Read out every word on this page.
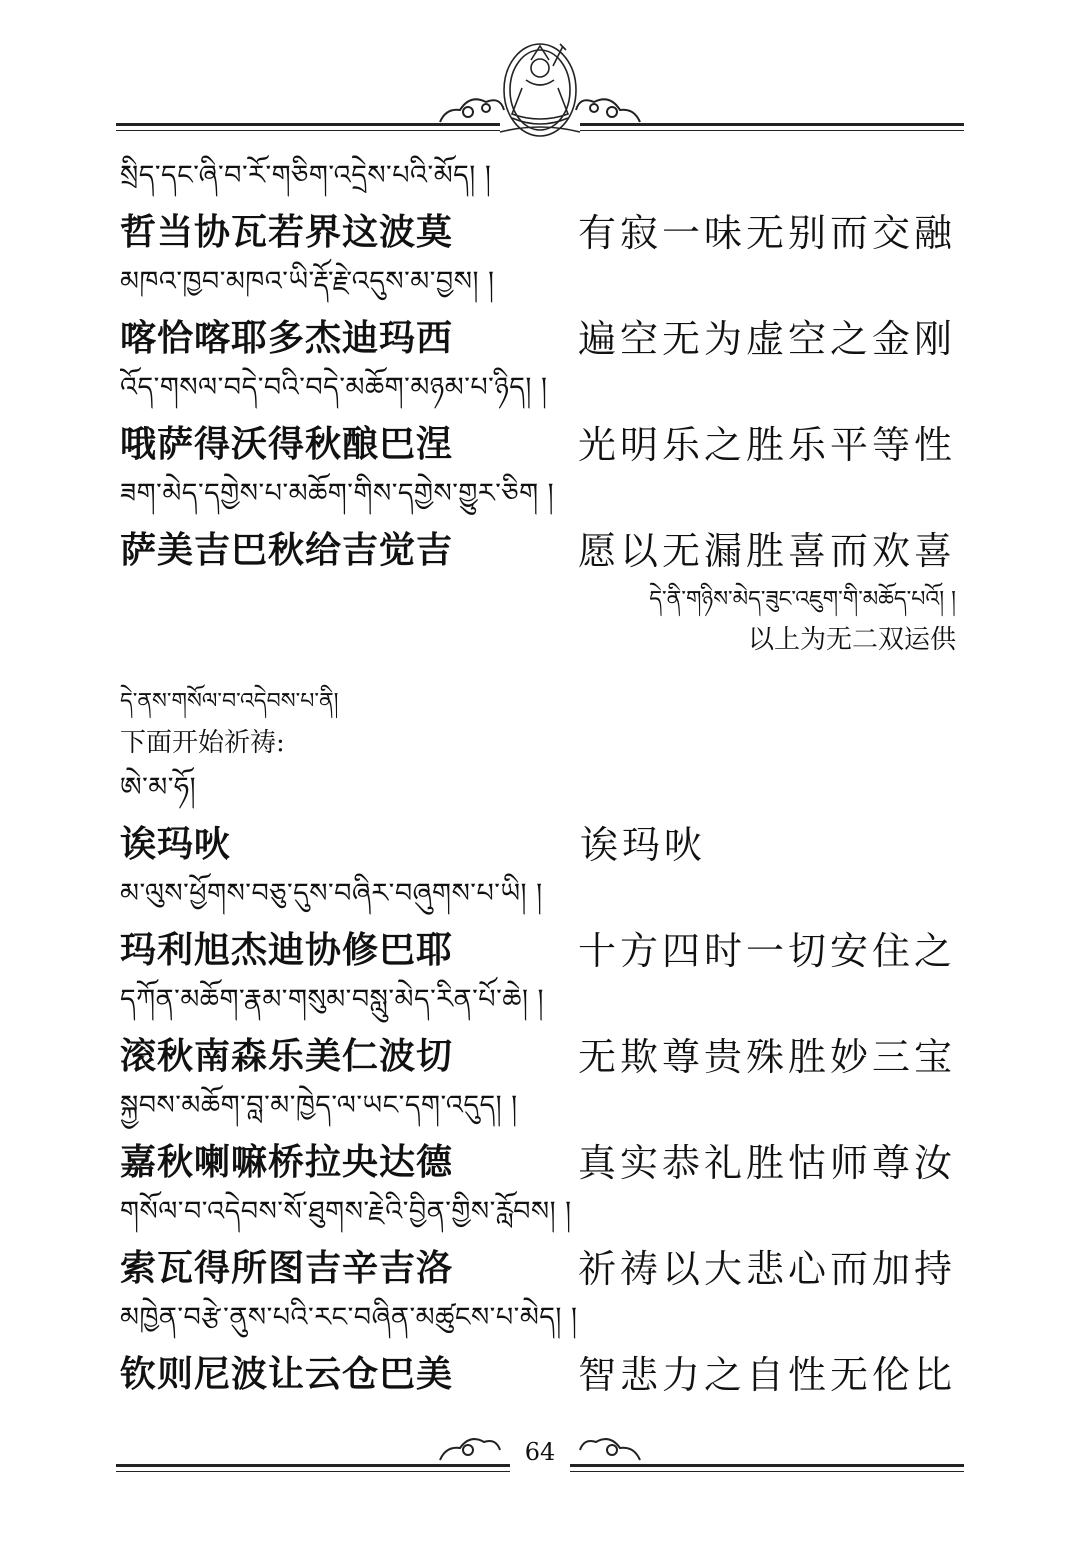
སྲིད་དང་ཞི་བ་རོ་གཅིག་འདྲེས་པའི་མོད། །
哲当协瓦若界这波莫	有寂一味无别而交融
མཁའ་ཁྱབ་མཁའ་ཡི་རྡོ་རྗེ་འདུས་མ་བྱས། །
喀恰喀耶多杰迪玛西	遍空无为虚空之金刚
འོད་གསལ་བདེ་བའི་བདེ་མཆོག་མཉམ་པ་ཉིད། །
哦萨得沃得秋酿巴涅	光明乐之胜乐平等性
ཟག་མེད་དགྱེས་པ་མཆོག་གིས་དགྱེས་གྱུར་ཅིག །
萨美吉巴秋给吉觉吉	愿以无漏胜喜而欢喜
དེ་ནི་གཉིས་མེད་ཟུང་འཇུག་གི་མཆོད་པའོ། །
以上为无二双运供
དེ་ནས་གསོལ་བ་འདེབས་པ་ནི།
下面开始祈祷:
ཨེ་མ་ཧོ།
诶玛吙	诶玛吙
མ་ལུས་ཕྱོགས་བཅུ་དུས་བཞིར་བཞུགས་པ་ཡི། །
玛利旭杰迪协修巴耶	十方四时一切安住之
དཀོན་མཆོག་རྣམ་གསུམ་བསླུ་མེད་རིན་པོ་ཆེ། །
滚秋南森乐美仁波切	无欺尊贵殊胜妙三宝
སྐྱབས་མཆོག་བླ་མ་ཁྱེད་ལ་ཡང་དག་འདུད། །
嘉秋喇嘛桥拉央达德	真实恭礼胜怙师尊汝
གསོལ་བ་འདེབས་སོ་ཐུགས་རྗེའི་བྱིན་གྱིས་རློབས། །
索瓦得所图吉辛吉洛	祈祷以大悲心而加持
མཁྱེན་བརྩེ་ནུས་པའི་རང་བཞིན་མཚུངས་པ་མེད། །
钦则尼波让云仓巴美	智悲力之自性无伦比
64
